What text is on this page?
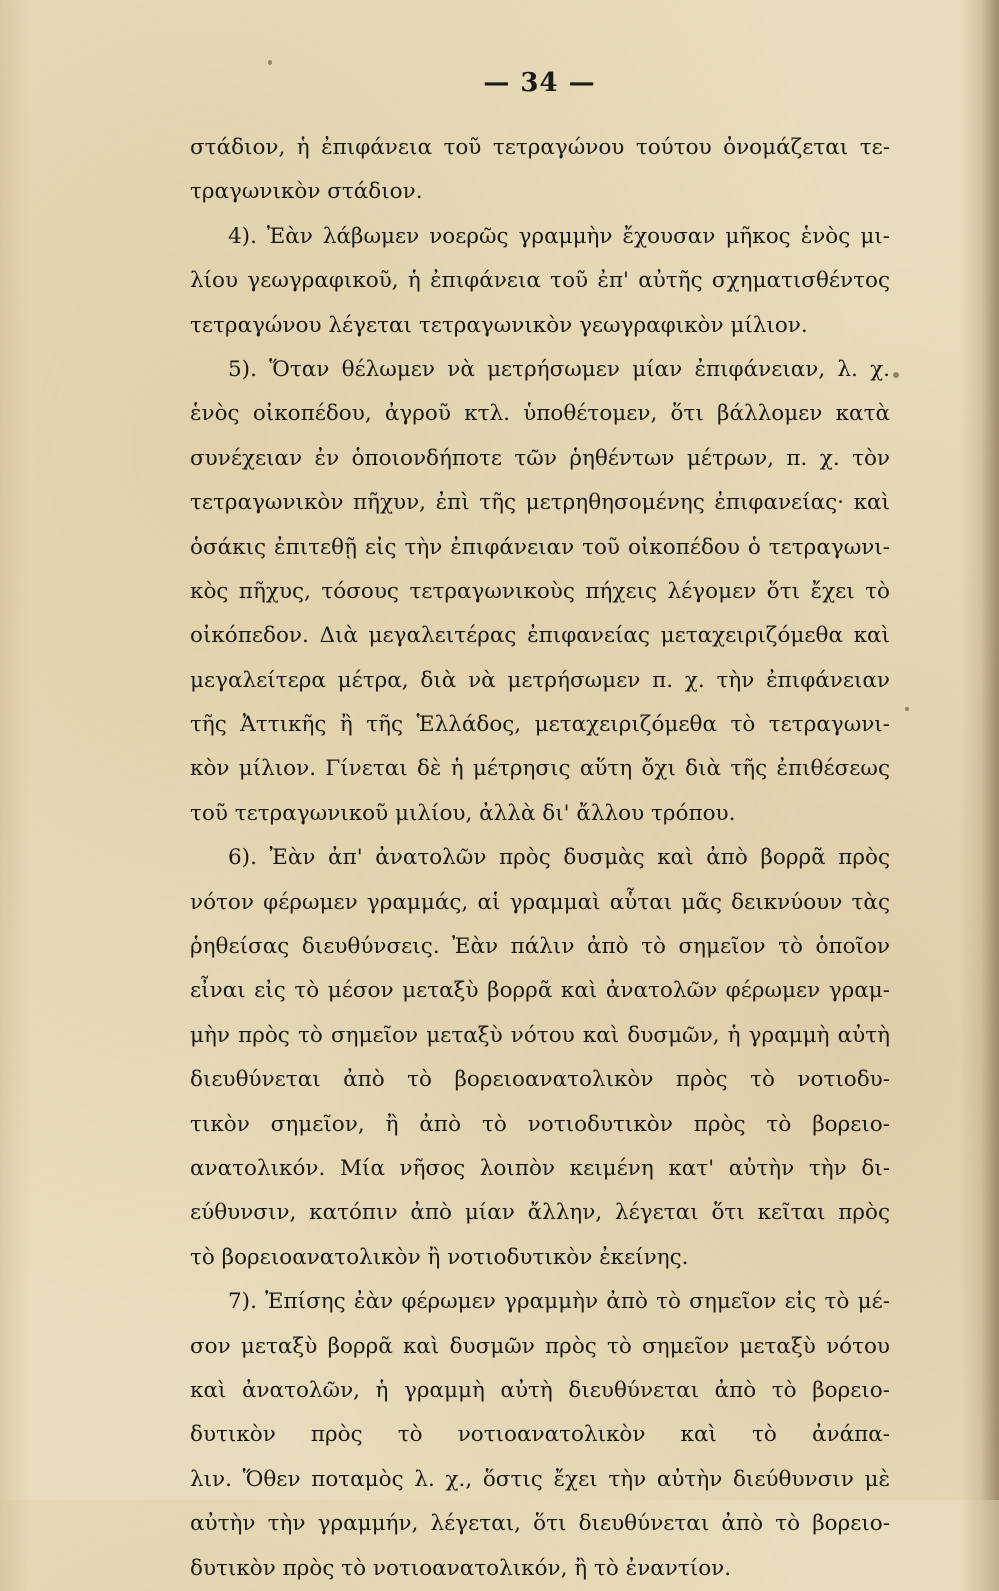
— 34 —
στάδιον, ἡ ἐπιφάνεια τοῦ τετραγώνου τούτου ὀνομάζεται τε-
τραγωνικὸν στάδιον.
4). Ἐὰν λάβωμεν νοερῶς γραμμὴν ἔχουσαν μῆκος ἑνὸς μι-
λίου γεωγραφικοῦ, ἡ ἐπιφάνεια τοῦ ἐπ' αὐτῆς σχηματισθέντος
τετραγώνου λέγεται τετραγωνικὸν γεωγραφικὸν μίλιον.
5). Ὅταν θέλωμεν νὰ μετρήσωμεν μίαν ἐπιφάνειαν, λ. χ.
ἑνὸς οἰκοπέδου, ἀγροῦ κτλ. ὑποθέτομεν, ὅτι βάλλομεν κατὰ
συνέχειαν ἐν ὁποιονδήποτε τῶν ῥηθέντων μέτρων, π. χ. τὸν
τετραγωνικὸν πῆχυν, ἐπὶ τῆς μετρηθησομένης ἐπιφανείας· καὶ
ὁσάκις ἐπιτεθῇ εἰς τὴν ἐπιφάνειαν τοῦ οἰκοπέδου ὁ τετραγωνι-
κὸς πῆχυς, τόσους τετραγωνικοὺς πήχεις λέγομεν ὅτι ἔχει τὸ
οἰκόπεδον. Διὰ μεγαλειτέρας ἐπιφανείας μεταχειριζόμεθα καὶ
μεγαλείτερα μέτρα, διὰ νὰ μετρήσωμεν π. χ. τὴν ἐπιφάνειαν
τῆς Ἀττικῆς ἢ τῆς Ἑλλάδος, μεταχειριζόμεθα τὸ τετραγωνι-
κὸν μίλιον. Γίνεται δὲ ἡ μέτρησις αὕτη ὄχι διὰ τῆς ἐπιθέσεως
τοῦ τετραγωνικοῦ μιλίου, ἀλλὰ δι' ἄλλου τρόπου.
6). Ἐὰν ἀπ' ἀνατολῶν πρὸς δυσμὰς καὶ ἀπὸ βορρᾶ πρὸς
νότον φέρωμεν γραμμάς, αἱ γραμμαὶ αὗται μᾶς δεικνύουν τὰς
ῥηθείσας διευθύνσεις. Ἐὰν πάλιν ἀπὸ τὸ σημεῖον τὸ ὁποῖον
εἶναι εἰς τὸ μέσον μεταξὺ βορρᾶ καὶ ἀνατολῶν φέρωμεν γραμ-
μὴν πρὸς τὸ σημεῖον μεταξὺ νότου καὶ δυσμῶν, ἡ γραμμὴ αὐτὴ
διευθύνεται ἀπὸ τὸ βορειοανατολικὸν πρὸς τὸ νοτιοδυ-
τικὸν σημεῖον, ἢ ἀπὸ τὸ νοτιοδυτικὸν πρὸς τὸ βορειο-
ανατολικόν. Μία νῆσος λοιπὸν κειμένη κατ' αὐτὴν τὴν δι-
εύθυνσιν, κατόπιν ἀπὸ μίαν ἄλλην, λέγεται ὅτι κεῖται πρὸς
τὸ βορειοανατολικὸν ἢ νοτιοδυτικὸν ἐκείνης.
7). Ἐπίσης ἐὰν φέρωμεν γραμμὴν ἀπὸ τὸ σημεῖον εἰς τὸ μέ-
σον μεταξὺ βορρᾶ καὶ δυσμῶν πρὸς τὸ σημεῖον μεταξὺ νότου
καὶ ἀνατολῶν, ἡ γραμμὴ αὐτὴ διευθύνεται ἀπὸ τὸ βορειο-
δυτικὸν πρὸς τὸ νοτιοανατολικὸν καὶ τὸ ἀνάπα-
λιν. Ὅθεν ποταμὸς λ. χ., ὅστις ἔχει τὴν αὐτὴν διεύθυνσιν μὲ
αὐτὴν τὴν γραμμήν, λέγεται, ὅτι διευθύνεται ἀπὸ τὸ βορειο-
δυτικὸν πρὸς τὸ νοτιοανατολικόν, ἢ τὸ ἐναντίον.
